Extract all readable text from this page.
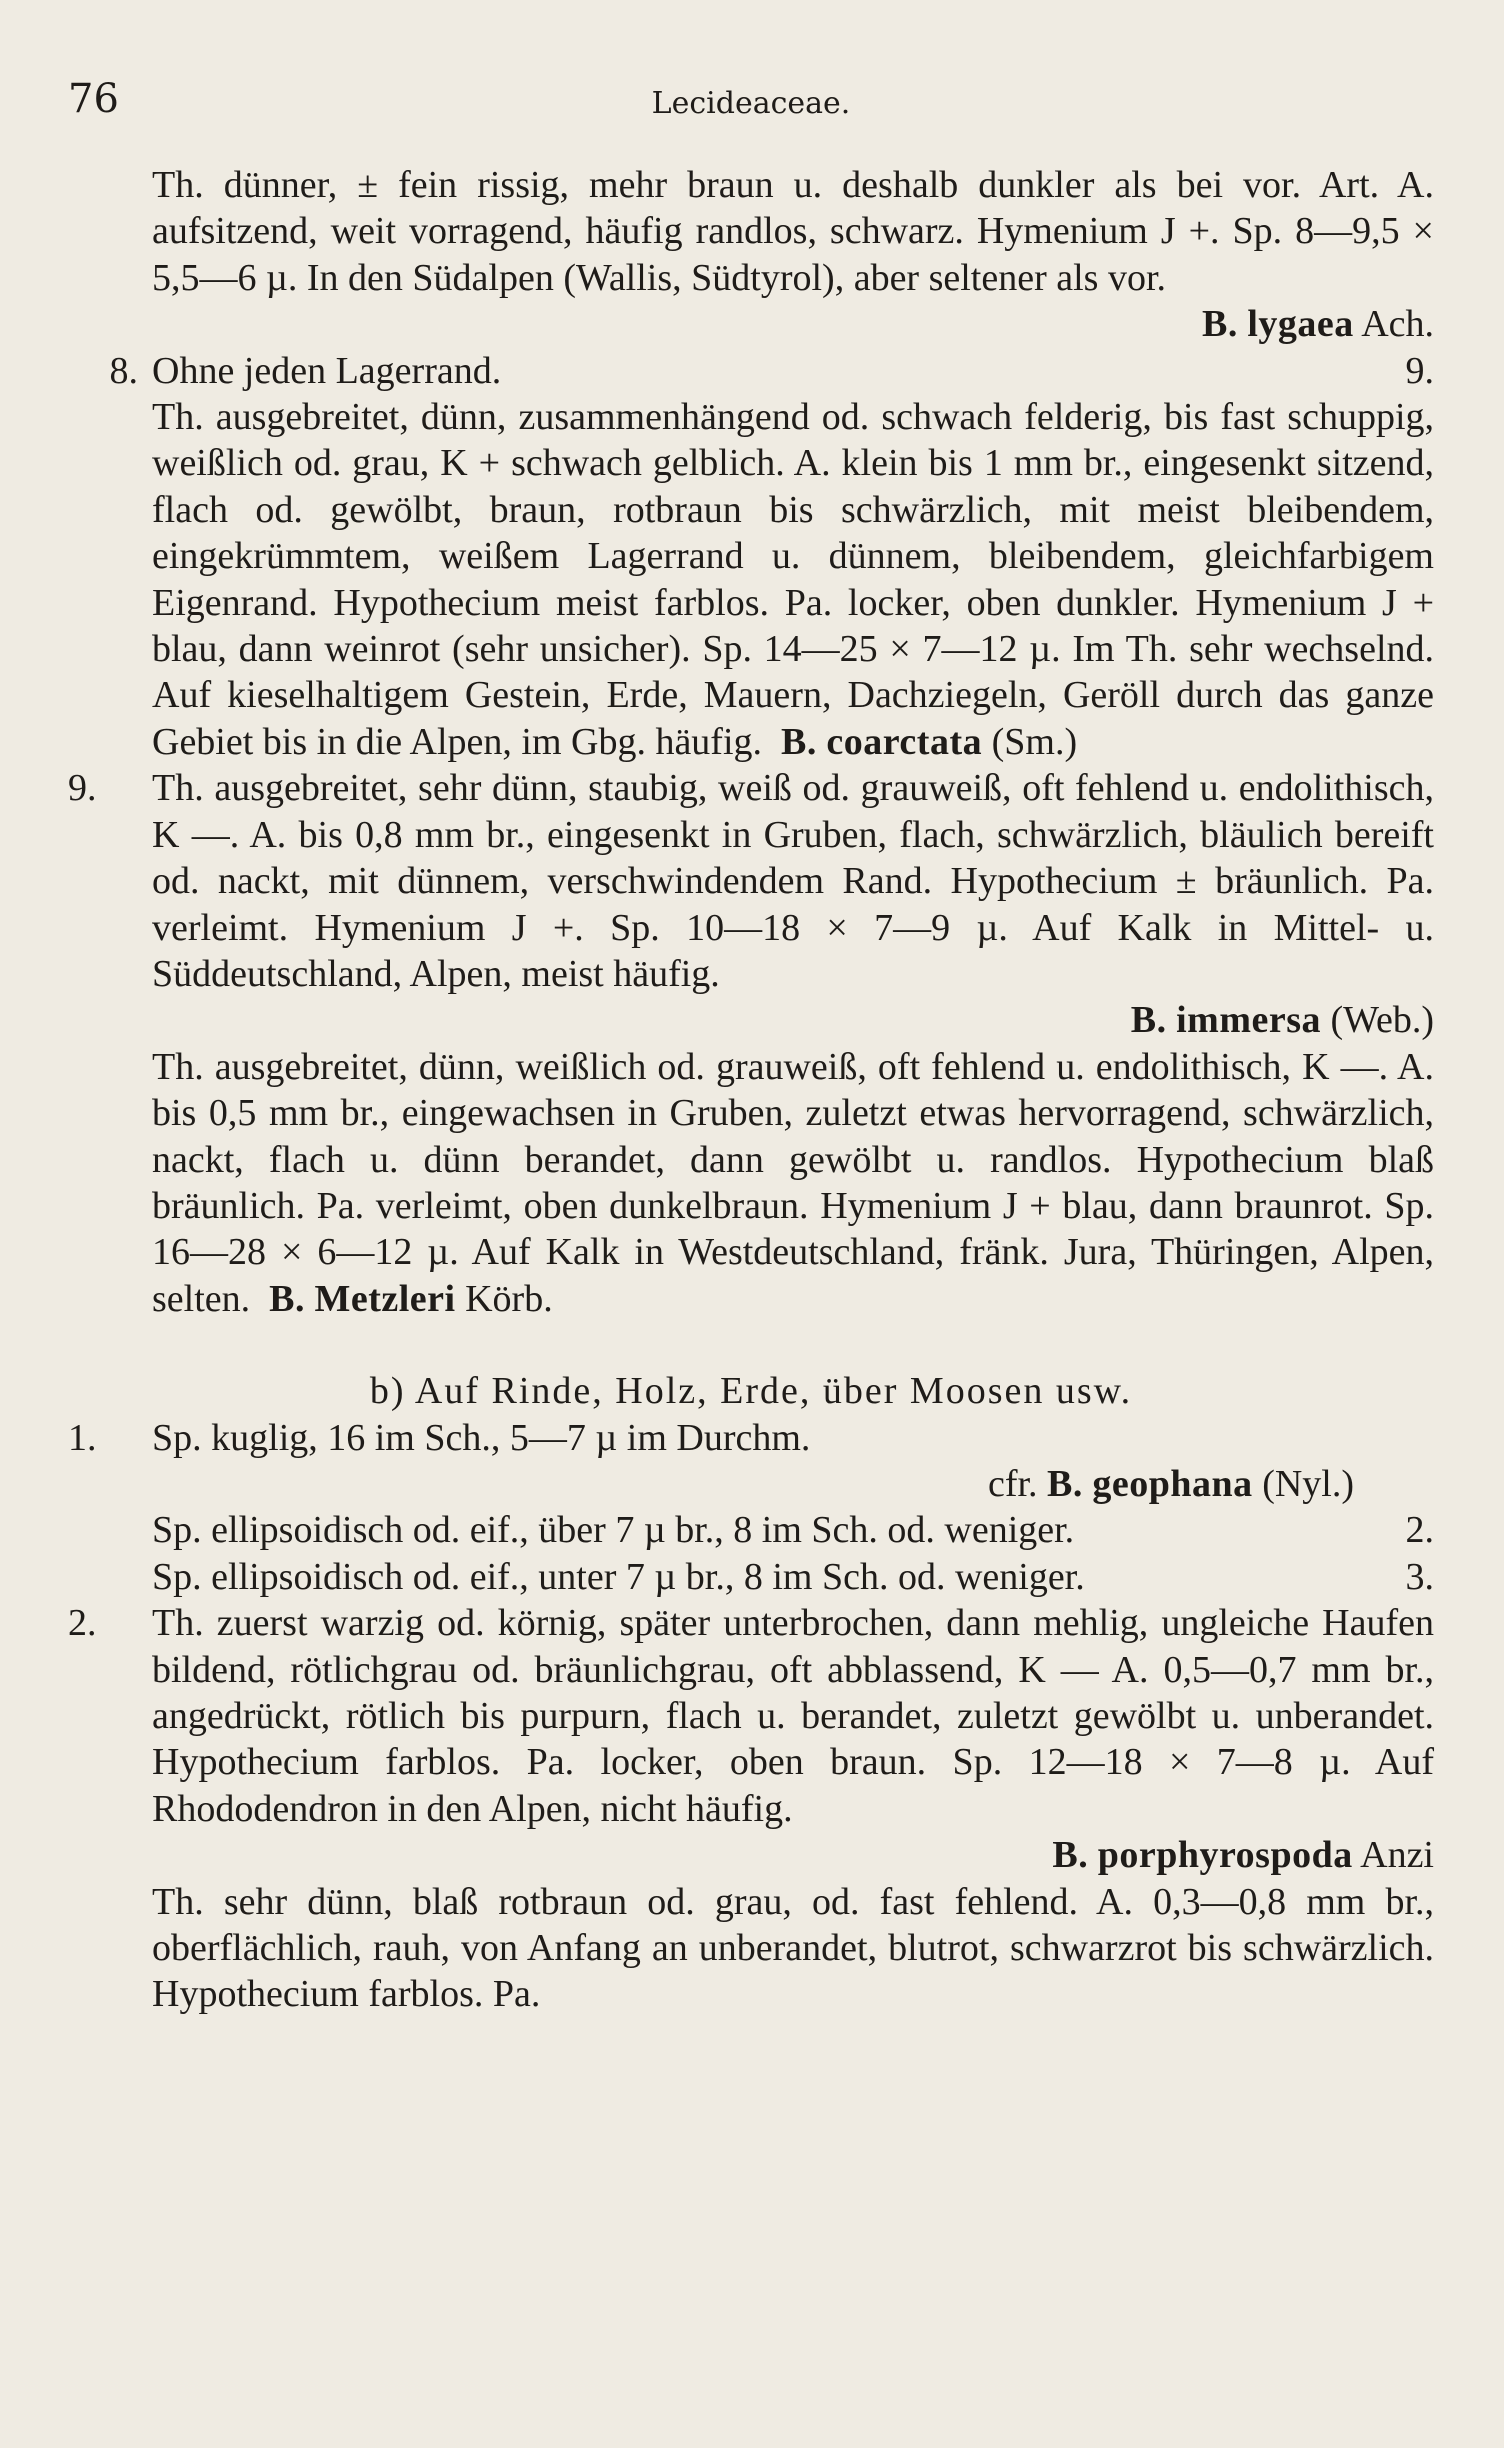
76	Lecideaceae.
Th. dünner, ± fein rissig, mehr braun u. deshalb dunkler als bei vor. Art. A. aufsitzend, weit vorragend, häufig randlos, schwarz. Hymenium J +. Sp. 8—9,5 × 5,5—6 µ. In den Südalpen (Wallis, Südtyrol), aber seltener als vor.
B. lygaea Ach.
8. Ohne jeden Lagerrand.	9.
Th. ausgebreitet, dünn, zusammenhängend od. schwach felderig, bis fast schuppig, weißlich od. grau, K + schwach gelblich. A. klein bis 1 mm br., eingesenkt sitzend, flach od. gewölbt, braun, rotbraun bis schwärzlich, mit meist bleibendem, eingekrümmtem, weißem Lagerrand u. dünnem, bleibendem, gleichfarbigem Eigenrand. Hypothecium meist farblos. Pa. locker, oben dunkler. Hymenium J + blau, dann weinrot (sehr unsicher). Sp. 14—25 × 7—12 µ. Im Th. sehr wechselnd. Auf kieselhaltigem Gestein, Erde, Mauern, Dachziegeln, Geröll durch das ganze Gebiet bis in die Alpen, im Gbg. häufig. B. coarctata (Sm.)
9. Th. ausgebreitet, sehr dünn, staubig, weiß od. grauweiß, oft fehlend u. endolithisch, K —. A. bis 0,8 mm br., eingesenkt in Gruben, flach, schwärzlich, bläulich bereift od. nackt, mit dünnem, verschwindendem Rand. Hypothecium ± bräunlich. Pa. verleimt. Hymenium J +. Sp. 10—18 × 7—9 µ. Auf Kalk in Mittel- u. Süddeutschland, Alpen, meist häufig.
B. immersa (Web.)
Th. ausgebreitet, dünn, weißlich od. grauweiß, oft fehlend u. endolithisch, K —. A. bis 0,5 mm br., eingewachsen in Gruben, zuletzt etwas hervorragend, schwärzlich, nackt, flach u. dünn berandet, dann gewölbt u. randlos. Hypothecium blaß bräunlich. Pa. verleimt, oben dunkelbraun. Hymenium J + blau, dann braunrot. Sp. 16—28 × 6—12 µ. Auf Kalk in Westdeutschland, fränk. Jura, Thüringen, Alpen, selten. B. Metzleri Körb.
b) Auf Rinde, Holz, Erde, über Moosen usw.
1. Sp. kuglig, 16 im Sch., 5—7 µ im Durchm.
cfr. B. geophana (Nyl.)
Sp. ellipsoidisch od. eif., über 7 µ br., 8 im Sch. od. weniger.	2.
Sp. ellipsoidisch od. eif., unter 7 µ br., 8 im Sch. od. weniger.	3.
2. Th. zuerst warzig od. körnig, später unterbrochen, dann mehlig, ungleiche Haufen bildend, rötlichgrau od. bräunlichgrau, oft abblassend, K — A. 0,5—0,7 mm br., angedrückt, rötlich bis purpurn, flach u. berandet, zuletzt gewölbt u. unberandet. Hypothecium farblos. Pa. locker, oben braun. Sp. 12—18 × 7—8 µ. Auf Rhododendron in den Alpen, nicht häufig.
B. porphyrospoda Anzi
Th. sehr dünn, blaß rotbraun od. grau, od. fast fehlend. A. 0,3—0,8 mm br., oberflächlich, rauh, von Anfang an unberandet, blutrot, schwarzrot bis schwärzlich. Hypothecium farblos. Pa.
